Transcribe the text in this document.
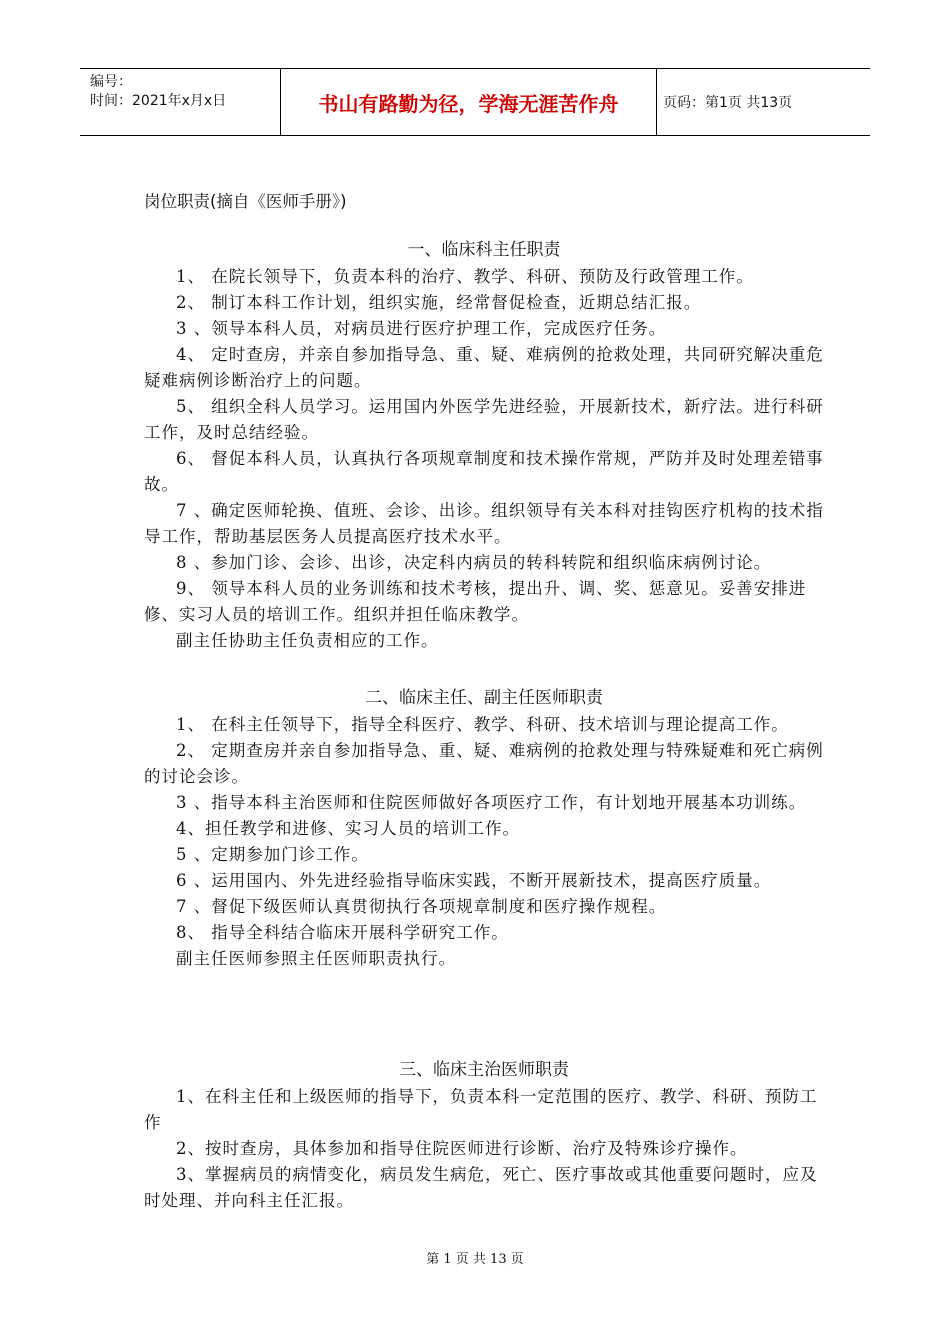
编号：
时间：2021年x月x日	书山有路勤为径，学海无涯苦作舟	页码：第1页 共13页
岗位职责(摘自《医师手册》)
一、临床科主任职责

1、 在院长领导下，负责本科的治疗、教学、科研、预防及行政管理工作。

2、 制订本科工作计划，组织实施，经常督促检查，近期总结汇报。

3 、领导本科人员，对病员进行医疗护理工作，完成医疗任务。

4、 定时查房，并亲自参加指导急、重、疑、难病例的抢救处理，共同研究解决重危疑难病例诊断治疗上的问题。

5、 组织全科人员学习。运用国内外医学先进经验，开展新技术，新疗法。进行科研工作，及时总结经验。

6、 督促本科人员，认真执行各项规章制度和技术操作常规，严防并及时处理差错事故。

7 、确定医师轮换、值班、会诊、出诊。组织领导有关本科对挂钩医疗机构的技术指导工作，帮助基层医务人员提高医疗技术水平。

8 、参加门诊、会诊、出诊，决定科内病员的转科转院和组织临床病例讨论。

9、 领导本科人员的业务训练和技术考核，提出升、调、奖、惩意见。妥善安排进修、实习人员的培训工作。组织并担任临床教学。

副主任协助主任负责相应的工作。

二、临床主任、副主任医师职责

1、 在科主任领导下，指导全科医疗、教学、科研、技术培训与理论提高工作。

2、 定期查房并亲自参加指导急、重、疑、难病例的抢救处理与特殊疑难和死亡病例的讨论会诊。

3 、指导本科主治医师和住院医师做好各项医疗工作，有计划地开展基本功训练。

4、担任教学和进修、实习人员的培训工作。

5 、定期参加门诊工作。

6 、运用国内、外先进经验指导临床实践，不断开展新技术，提高医疗质量。

7 、督促下级医师认真贯彻执行各项规章制度和医疗操作规程。

8、 指导全科结合临床开展科学研究工作。

副主任医师参照主任医师职责执行。

三、临床主治医师职责

1、在科主任和上级医师的指导下，负责本科一定范围的医疗、教学、科研、预防工作

2、按时查房，具体参加和指导住院医师进行诊断、治疗及特殊诊疗操作。

3、掌握病员的病情变化，病员发生病危，死亡、医疗事故或其他重要问题时，应及时处理、并向科主任汇报。

第 1 页 共 13 页
